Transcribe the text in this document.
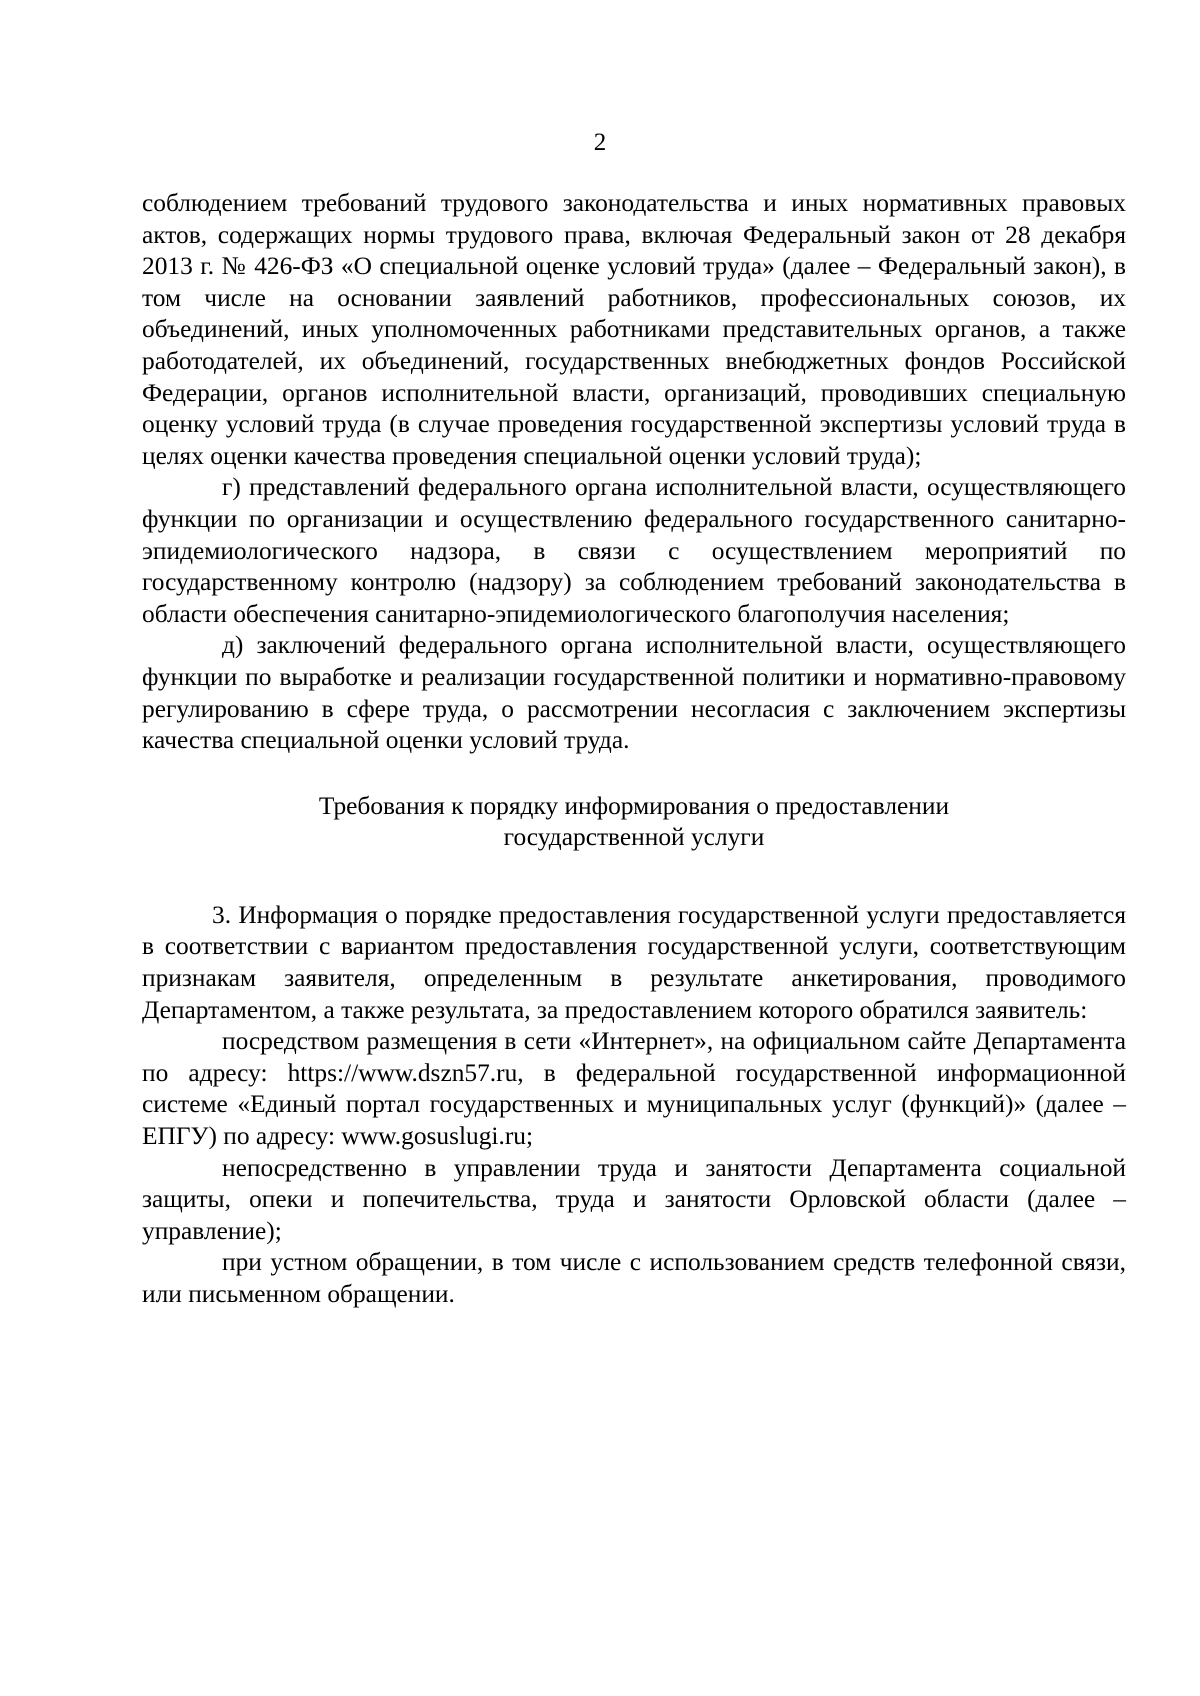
2

соблюдением требований трудового законодательства и иных нормативных правовых актов, содержащих нормы трудового права, включая Федеральный закон от 28 декабря 2013 г. № 426-ФЗ «О специальной оценке условий труда» (далее – Федеральный закон), в том числе на основании заявлений работников, профессиональных союзов, их объединений, иных уполномоченных работниками представительных органов, а также работодателей, их объединений, государственных внебюджетных фондов Российской Федерации, органов исполнительной власти, организаций, проводивших специальную оценку условий труда (в случае проведения государственной экспертизы условий труда в целях оценки качества проведения специальной оценки условий труда);

г) представлений федерального органа исполнительной власти, осуществляющего функции по организации и осуществлению федерального государственного санитарно-эпидемиологического надзора, в связи с осуществлением мероприятий по государственному контролю (надзору) за соблюдением требований законодательства в области обеспечения санитарно-эпидемиологического благополучия населения;

д) заключений федерального органа исполнительной власти, осуществляющего функции по выработке и реализации государственной политики и нормативно-правовому регулированию в сфере труда, о рассмотрении несогласия с заключением экспертизы качества специальной оценки условий труда.

Требования к порядку информирования о предоставлении государственной услуги

3. Информация о порядке предоставления государственной услуги предоставляется в соответствии с вариантом предоставления государственной услуги, соответствующим признакам заявителя, определенным в результате анкетирования, проводимого Департаментом, а также результата, за предоставлением которого обратился заявитель:

посредством размещения в сети «Интернет», на официальном сайте Департамента по адресу: https://www.dszn57.ru, в федеральной государственной информационной системе «Единый портал государственных и муниципальных услуг (функций)» (далее – ЕПГУ) по адресу: www.gosuslugi.ru;

непосредственно в управлении труда и занятости Департамента социальной защиты, опеки и попечительства, труда и занятости Орловской области (далее – управление);

при устном обращении, в том числе с использованием средств телефонной связи, или письменном обращении.
